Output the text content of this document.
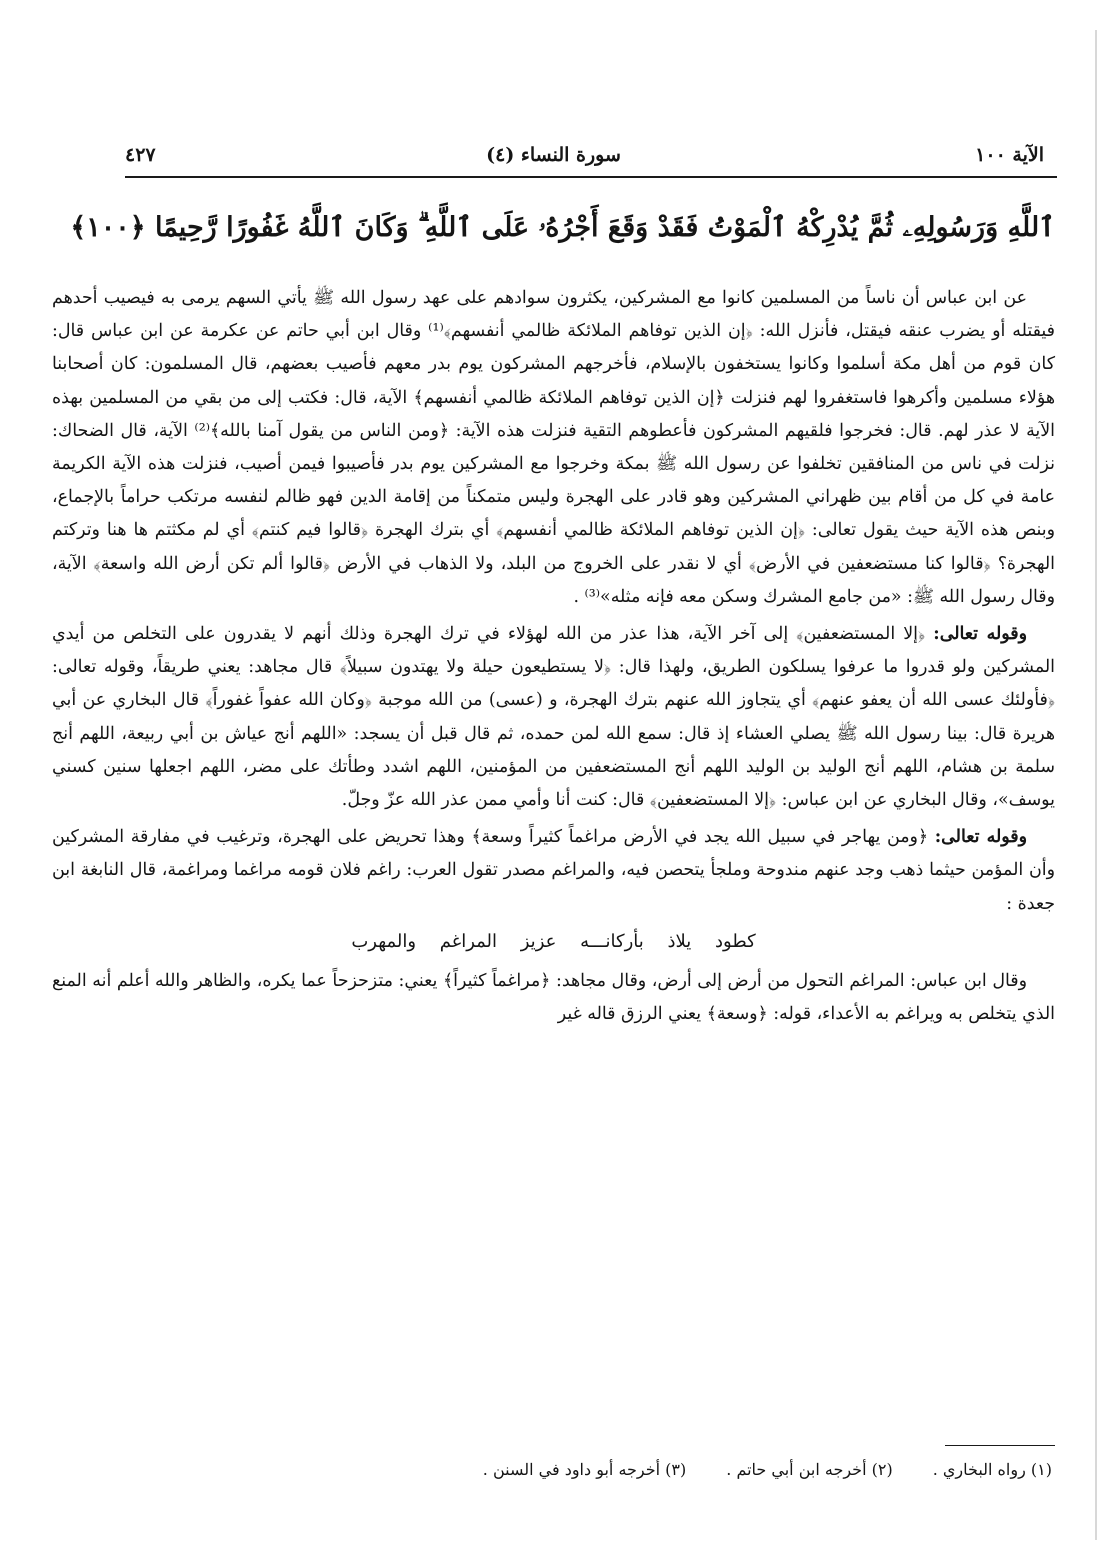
٤٢٧	(٤) سورة النساء	الآية ١٠٠
ٱللَّهِ وَرَسُولِهِۦ ثُمَّ يُدْرِكْهُ ٱلْمَوْتُ فَقَدْ وَقَعَ أَجْرُهُۥ عَلَى ٱللَّهِ ۗ وَكَانَ ٱللَّهُ غَفُورًا رَّحِيمًا ﴿١٠٠﴾

عن ابن عباس أن ناساً من المسلمين كانوا مع المشركين، يكثرون سوادهم على عهد رسول الله ﷺ يأتي السهم يرمى به فيصيب أحدهم فيقتله أو يضرب عنقه فيقتل، فأنزل الله: ﴿إن الذين توفاهم الملائكة ظالمي أنفسهم﴾⁽¹⁾ وقال ابن أبي حاتم عن عكرمة عن ابن عباس قال: كان قوم من أهل مكة أسلموا وكانوا يستخفون بالإسلام، فأخرجهم المشركون يوم بدر معهم فأصيب بعضهم، قال المسلمون: كان أصحابنا هؤلاء مسلمين وأكرهوا فاستغفروا لهم فنزلت ﴿إن الذين توفاهم الملائكة ظالمي أنفسهم﴾ الآية، قال: فكتب إلى من بقي من المسلمين بهذه الآية لا عذر لهم. قال: فخرجوا فلقيهم المشركون فأعطوهم التقية فنزلت هذه الآية: ﴿ومن الناس من يقول آمنا بالله﴾⁽²⁾ الآية، قال الضحاك: نزلت في ناس من المنافقين تخلفوا عن رسول الله ﷺ بمكة وخرجوا مع المشركين يوم بدر فأصيبوا فيمن أصيب، فنزلت هذه الآية الكريمة عامة في كل من أقام بين ظهراني المشركين وهو قادر على الهجرة وليس متمكناً من إقامة الدين فهو ظالم لنفسه مرتكب حراماً بالإجماع، وبنص هذه الآية حيث يقول تعالى: ﴿إن الذين توفاهم الملائكة ظالمي أنفسهم﴾ أي بترك الهجرة ﴿قالوا فيم كنتم﴾ أي لم مكثتم ها هنا وتركتم الهجرة؟ ﴿قالوا كنا مستضعفين في الأرض﴾ أي لا نقدر على الخروج من البلد، ولا الذهاب في الأرض ﴿قالوا ألم تكن أرض الله واسعة﴾ الآية، وقال رسول الله ﷺ: «من جامع المشرك وسكن معه فإنه مثله»⁽³⁾ .

وقوله تعالى: ﴿إلا المستضعفين﴾ إلى آخر الآية، هذا عذر من الله لهؤلاء في ترك الهجرة وذلك أنهم لا يقدرون على التخلص من أيدي المشركين ولو قدروا ما عرفوا يسلكون الطريق، ولهذا قال: ﴿لا يستطيعون حيلة ولا يهتدون سبيلاً﴾ قال مجاهد: يعني طريقاً، وقوله تعالى: ﴿فأولئك عسى الله أن يعفو عنهم﴾ أي يتجاوز الله عنهم بترك الهجرة، و (عسى) من الله موجبة ﴿وكان الله عفواً غفوراً﴾ قال البخاري عن أبي هريرة قال: بينا رسول الله ﷺ يصلي العشاء إذ قال: سمع الله لمن حمده، ثم قال قبل أن يسجد: «اللهم أنج عياش بن أبي ربيعة، اللهم أنج سلمة بن هشام، اللهم أنج الوليد بن الوليد اللهم أنج المستضعفين من المؤمنين، اللهم اشدد وطأتك على مضر، اللهم اجعلها سنين كسني يوسف»، وقال البخاري عن ابن عباس: ﴿إلا المستضعفين﴾ قال: كنت أنا وأمي ممن عذر الله عزّ وجلّ.

وقوله تعالى: ﴿ومن يهاجر في سبيل الله يجد في الأرض مراغماً كثيراً وسعة﴾ وهذا تحريض على الهجرة، وترغيب في مفارقة المشركين وأن المؤمن حيثما ذهب وجد عنهم مندوحة وملجأ يتحصن فيه، والمراغم مصدر تقول العرب: راغم فلان قومه مراغما ومراغمة، قال النابغة ابن جعدة :

كطود يلاذ بأركانـــه عزيز المراغم والمهرب

وقال ابن عباس: المراغم التحول من أرض إلى أرض، وقال مجاهد: ﴿مراغماً كثيراً﴾ يعني: متزحزحاً عما يكره، والظاهر والله أعلم أنه المنع الذي يتخلص به ويراغم به الأعداء، قوله: ﴿وسعة﴾ يعني الرزق قاله غير

(١) رواه البخاري .
(٢) أخرجه ابن أبي حاتم .
(٣) أخرجه أبو داود في السنن .
